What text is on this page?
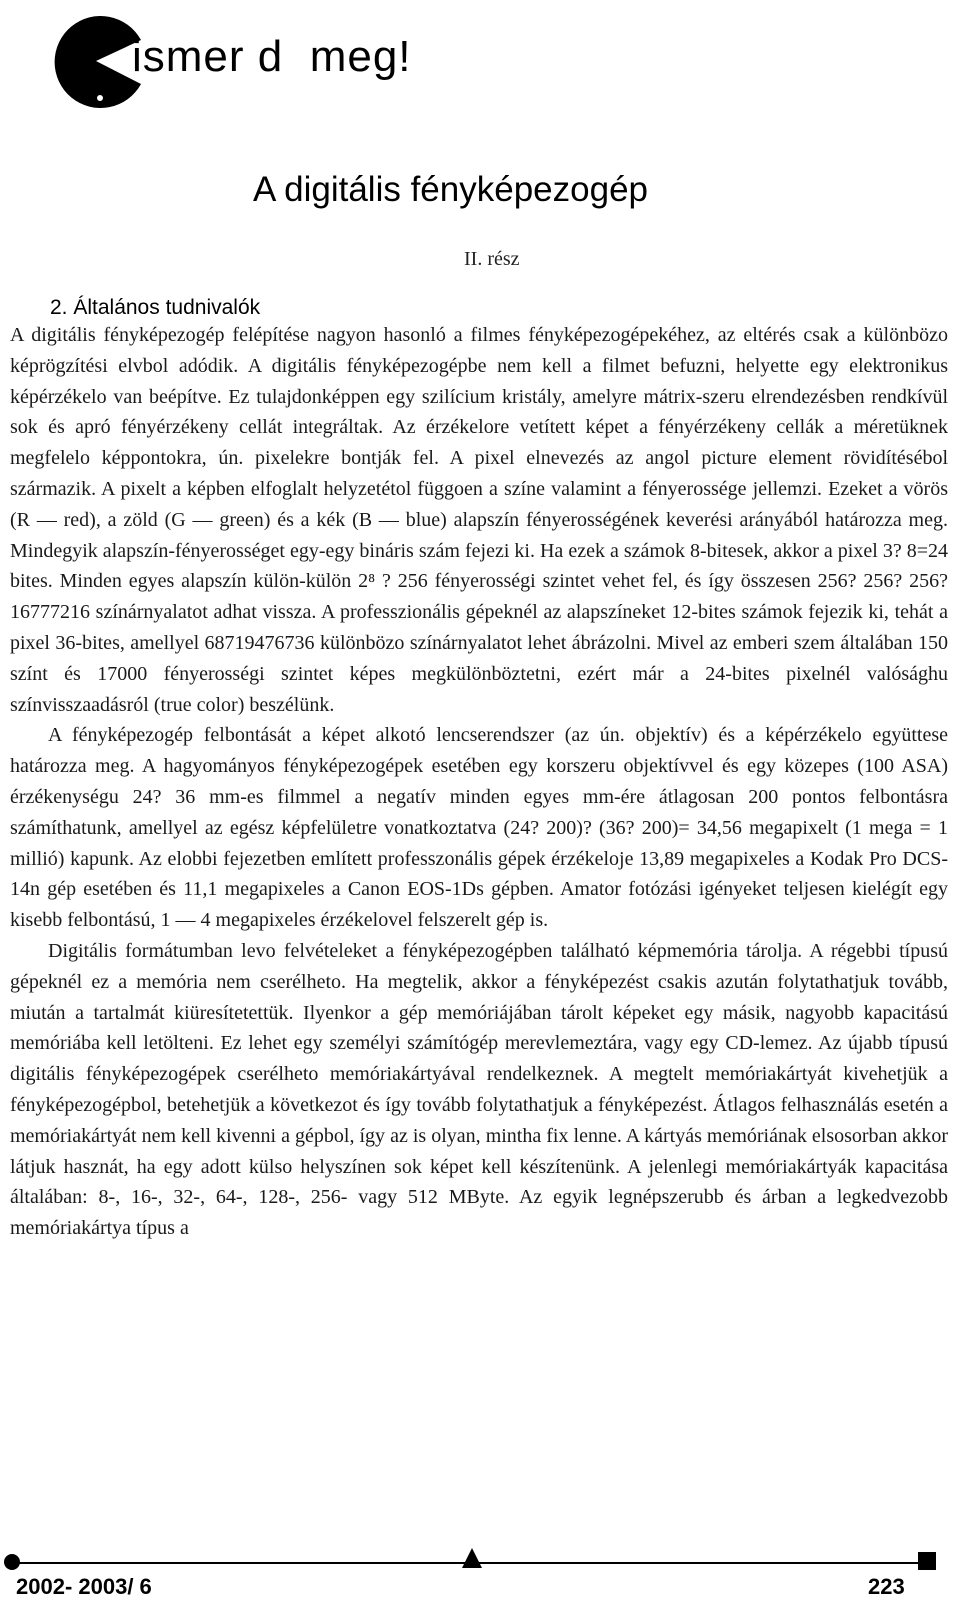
ismer d  meg!
A digitális fényképezogép
II. rész
2. Általános tudnivalók

A digitális fényképezogép felépítése nagyon hasonló a filmes fényképezogépekéhez, az eltérés csak a különbözo képrögzítési elvbol adódik. A digitális fényképezogépbe nem kell a filmet befuzni, helyette egy elektronikus képérzékelo van beépítve. Ez tulajdonképpen egy szilícium kristály, amelyre mátrix-szeru elrendezésben rendkívül sok és apró fényérzékeny cellát integráltak. Az érzékelore vetített képet a fényérzékeny cellák a méretüknek megfelelo képpontokra, ún. pixelekre bontják fel. A pixel elnevezés az angol picture element rövidítésébol származik. A pixelt a képben elfoglalt helyzetétol függoen a színe valamint a fényerossége jellemzi. Ezeket a vörös (R — red), a zöld (G — green) és a kék (B — blue) alapszín fényerosségének keverési arányából határozza meg. Mindegyik alapszín-fényerosséget egy-egy bináris szám fejezi ki. Ha ezek a számok 8-bitesek, akkor a pixel 3? 8=24 bites. Minden egyes alapszín külön-külön 2⁸ ? 256 fényerosségi szintet vehet fel, és így összesen 256? 256? 256? 16777216 színárnyalatot adhat vissza. A professzionális gépeknél az alapszíneket 12-bites számok fejezik ki, tehát a pixel 36-bites, amellyel 68719476736 különbözo színárnyalatot lehet ábrázolni. Mivel az emberi szem általában 150 színt és 17000 fényerosségi szintet képes megkülönböztetni, ezért már a 24-bites pixelnél valósághu színvisszaadásról (true color) beszélünk.

A fényképezogép felbontását a képet alkotó lencserendszer (az ún. objektív) és a képérzékelo együttese határozza meg. A hagyományos fényképezogépek esetében egy korszeru objektívvel és egy közepes (100 ASA) érzékenységu 24? 36 mm-es filmmel a negatív minden egyes mm-ére átlagosan 200 pontos felbontásra számíthatunk, amellyel az egész képfelületre vonatkoztatva (24? 200)? (36? 200)= 34,56 megapixelt (1 mega = 1 millió) kapunk. Az elobbi fejezetben említett professzonális gépek érzékeloje 13,89 megapixeles a Kodak Pro DCS-14n gép esetében és 11,1 megapixeles a Canon EOS-1Ds gépben. Amator fotózási igényeket teljesen kielégít egy kisebb felbontású, 1 — 4 megapixeles érzékelovel felszerelt gép is.

Digitális formátumban levo felvételeket a fényképezogépben található képmemória tárolja. A régebbi típusú gépeknél ez a memória nem cserélheto. Ha megtelik, akkor a fényképezést csakis azután folytathatjuk tovább, miután a tartalmát kiüresítetettük. Ilyenkor a gép memóriájában tárolt képeket egy másik, nagyobb kapacitású memóriába kell letölteni. Ez lehet egy személyi számítógép merevlemeztára, vagy egy CD-lemez. Az újabb típusú digitális fényképezogépek cserélheto memóriakártyával rendelkeznek. A megtelt memóriakártyát kivehetjük a fényképezogépbol, betehetjük a következot és így tovább folytathatjuk a fényképezést. Átlagos felhasználás esetén a memóriakártyát nem kell kivenni a gépbol, így az is olyan, mintha fix lenne. A kártyás memóriának elsosorban akkor látjuk hasznát, ha egy adott külso helyszínen sok képet kell készítenünk. A jelenlegi memóriakártyák kapacitása általában: 8-, 16-, 32-, 64-, 128-, 256- vagy 512 MByte. Az egyik legnépszerubb és árban a legkedvezobb memóriakártya típus a

2002- 2003/ 6	223
